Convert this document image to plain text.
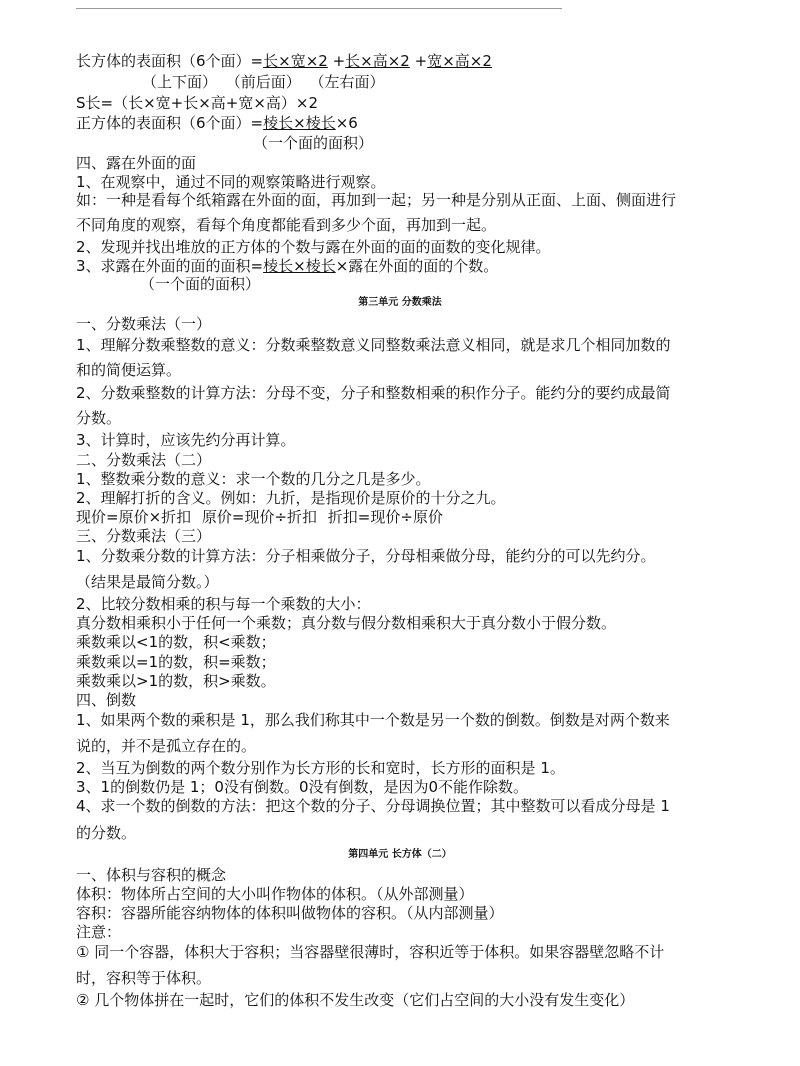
长方体的表面积（6个面）=长×宽×2 +长×高×2 +宽×高×2
（上下面） （前后面） （左右面）
S长=（长×宽+长×高+宽×高）×2
正方体的表面积（6个面）=棱长×棱长×6
（一个面的面积）
四、露在外面的面
1、在观察中，通过不同的观察策略进行观察。
如：一种是看每个纸箱露在外面的面，再加到一起；另一种是分别从正面、上面、侧面进行
不同角度的观察，看每个角度都能看到多少个面，再加到一起。
2、发现并找出堆放的正方体的个数与露在外面的面的面数的变化规律。
3、求露在外面的面的面积=棱长×棱长×露在外面的面的个数。
（一个面的面积）
第三单元 分数乘法
一、分数乘法（一）
1、理解分数乘整数的意义：分数乘整数意义同整数乘法意义相同，就是求几个相同加数的
和的简便运算。
2、分数乘整数的计算方法：分母不变，分子和整数相乘的积作分子。能约分的要约成最简
分数。
3、计算时，应该先约分再计算。
二、分数乘法（二）
1、整数乘分数的意义：求一个数的几分之几是多少。
2、理解打折的含义。例如：九折，是指现价是原价的十分之九。
现价=原价×折扣 原价=现价÷折扣 折扣=现价÷原价
三、分数乘法（三）
1、分数乘分数的计算方法：分子相乘做分子，分母相乘做分母，能约分的可以先约分。
（结果是最简分数。）
2、比较分数相乘的积与每一个乘数的大小：
真分数相乘积小于任何一个乘数；真分数与假分数相乘积大于真分数小于假分数。
乘数乘以<1的数，积<乘数；
乘数乘以=1的数，积=乘数；
乘数乘以>1的数，积>乘数。
四、倒数
1、如果两个数的乘积是 1，那么我们称其中一个数是另一个数的倒数。倒数是对两个数来
说的，并不是孤立存在的。
2、当互为倒数的两个数分别作为长方形的长和宽时，长方形的面积是 1。
3、1的倒数仍是 1；0没有倒数。0没有倒数，是因为0不能作除数。
4、求一个数的倒数的方法：把这个数的分子、分母调换位置；其中整数可以看成分母是 1
的分数。
第四单元 长方体（二）
一、体积与容积的概念
体积：物体所占空间的大小叫作物体的体积。（从外部测量）
容积：容器所能容纳物体的体积叫做物体的容积。（从内部测量）
注意：
① 同一个容器，体积大于容积；当容器壁很薄时，容积近等于体积。如果容器壁忽略不计
时，容积等于体积。
② 几个物体拼在一起时，它们的体积不发生改变（它们占空间的大小没有发生变化）
